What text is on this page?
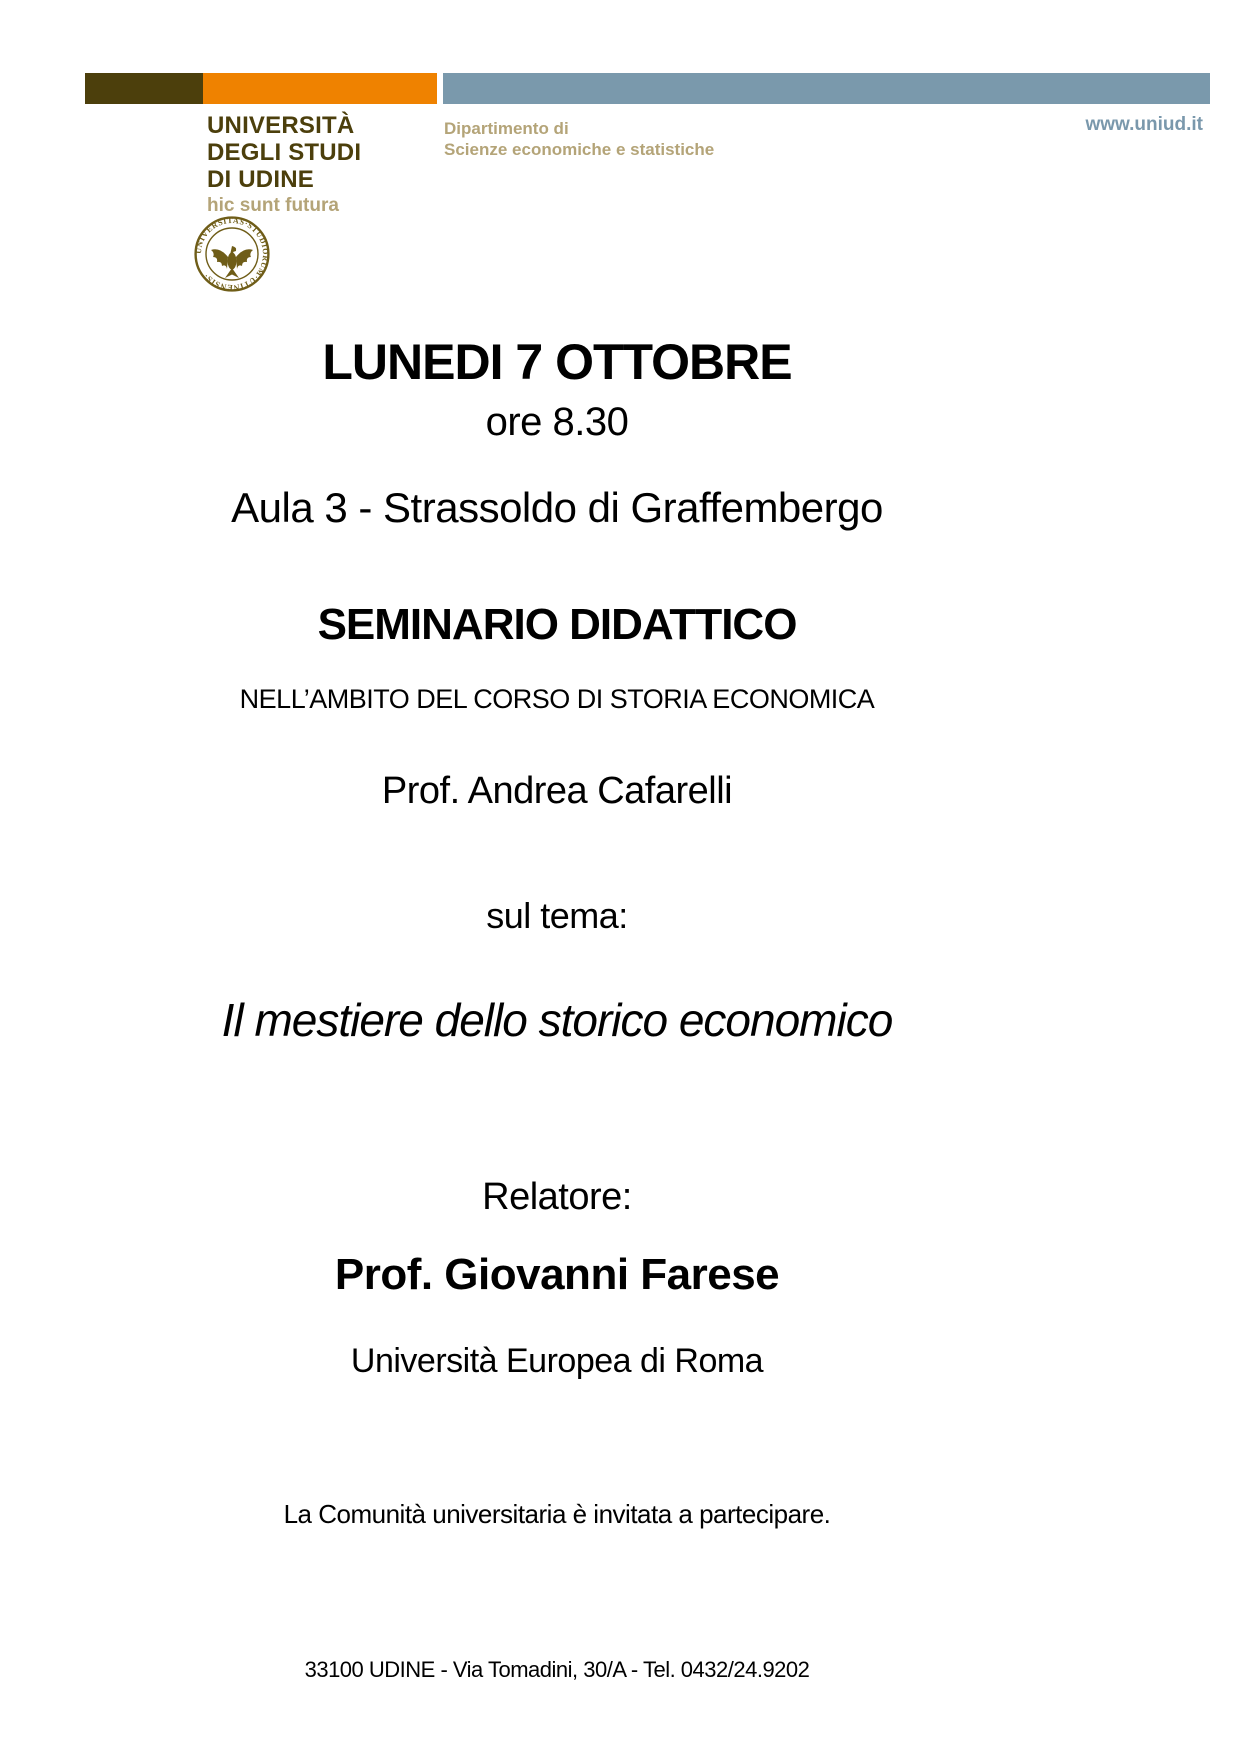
UNIVERSITÀ
DEGLI STUDI
DI UDINE
hic sunt futura
Dipartimento di
Scienze economiche e statistiche
www.uniud.it
UNIVERSITAS·STUDIORUM·UTINENSIS·
LUNEDI 7 OTTOBRE
ore 8.30
Aula 3 - Strassoldo di Graffembergo
SEMINARIO DIDATTICO
NELL’AMBITO DEL CORSO DI STORIA ECONOMICA
Prof. Andrea Cafarelli
sul tema:
Il mestiere dello storico economico
Relatore:
Prof. Giovanni Farese
Università Europea di Roma
La Comunità universitaria è invitata a partecipare.
33100 UDINE - Via Tomadini, 30/A - Tel. 0432/24.9202
